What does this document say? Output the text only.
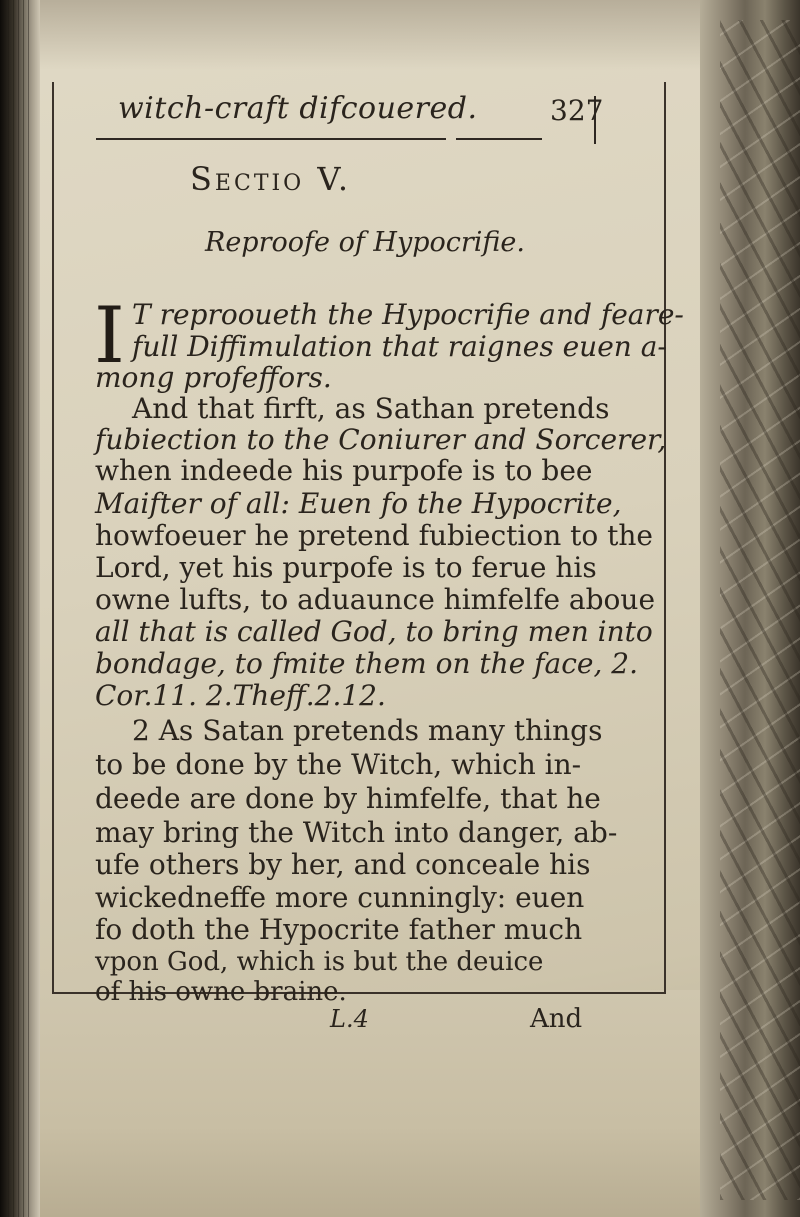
witch-craft difcouered.	327

Sectio V.

Reproofe of Hypocrifie.

I T reprooueth the Hypocrifie and feare-

full Diffimulation that raignes euen a-

mong profeffors.

And that firft, as Sathan pretends

fubiection to the Coniurer and Sorcerer,

when indeede his purpofe is to bee

Maifter of all: Euen fo the Hypocrite,

howfoeuer he pretend fubiection to the

Lord, yet his purpofe is to ferue his

owne lufts, to aduaunce himfelfe aboue

all that is called God, to bring men into

bondage, to fmite them on the face, 2.

Cor.11. 2.Theff.2.12.

2 As Satan pretends many things

to be done by the Witch, which in-

deede are done by himfelfe, that he

may bring the Witch into danger, ab-

ufe others by her, and conceale his

wickedneffe more cunningly: euen

fo doth the Hypocrite father much

vpon God, which is but the deuice

of his owne braine.

L.4	And
